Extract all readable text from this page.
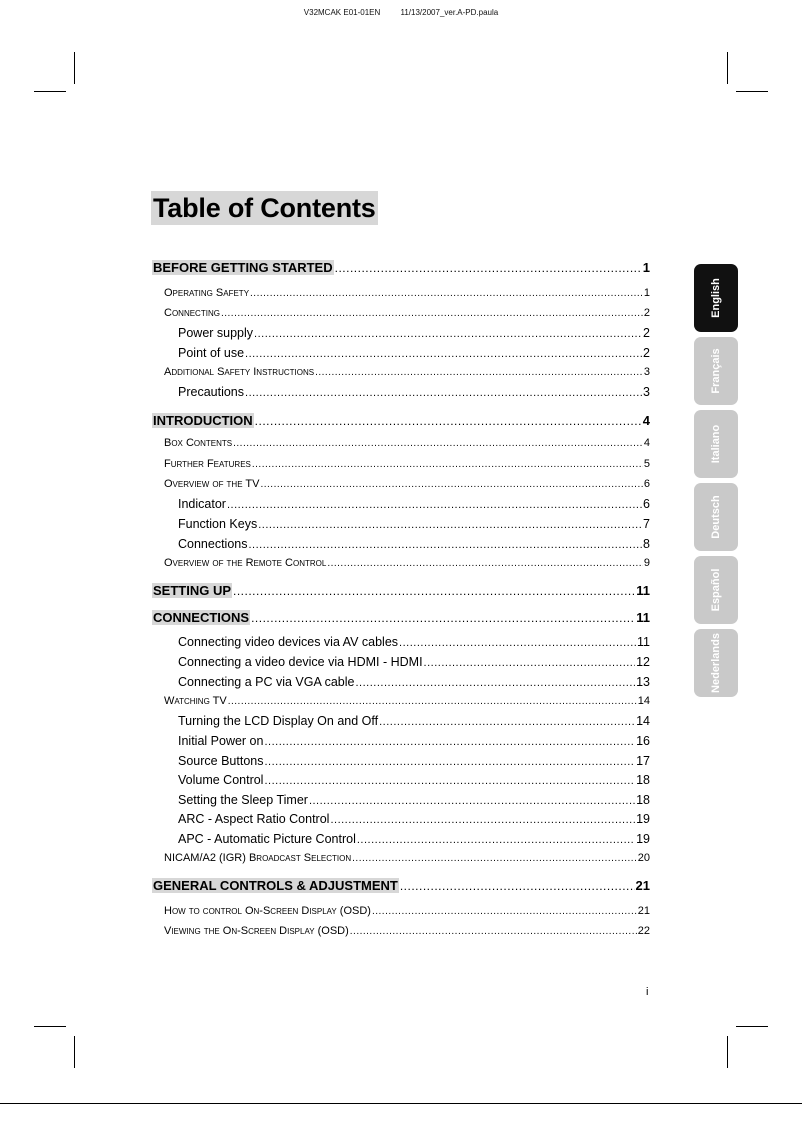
V32MCAK E01-01EN	11/13/2007_ver.A-PD.paula
Table of Contents
BEFORE GETTING STARTED .....	1
Operating Safety .....	1
Connecting .....	2
Power supply .....	2
Point of use .....	2
Additional Safety Instructions .....	3
Precautions .....	3
INTRODUCTION .....	4
Box Contents .....	4
Further Features .....	5
Overview of the TV .....	6
Indicator .....	6
Function Keys .....	7
Connections .....	8
Overview of the Remote Control .....	9
SETTING UP .....	11
CONNECTIONS .....	11
Connecting video devices via AV cables .....	11
Connecting a video device via HDMI - HDMI .....	12
Connecting a PC via VGA cable .....	13
Watching TV .....	14
Turning the LCD Display On and Off .....	14
Initial Power on .....	16
Source Buttons .....	17
Volume Control .....	18
Setting the Sleep Timer .....	18
ARC - Aspect Ratio Control .....	19
APC - Automatic Picture Control .....	19
NICAM/A2 (IGR) Broadcast Selection .....	20
GENERAL CONTROLS & ADJUSTMENT .....	21
How to control On-Screen Display (OSD) .....	21
Viewing the On-Screen Display (OSD) .....	22
English
Français
Italiano
Deutsch
Español
Nederlands
i
